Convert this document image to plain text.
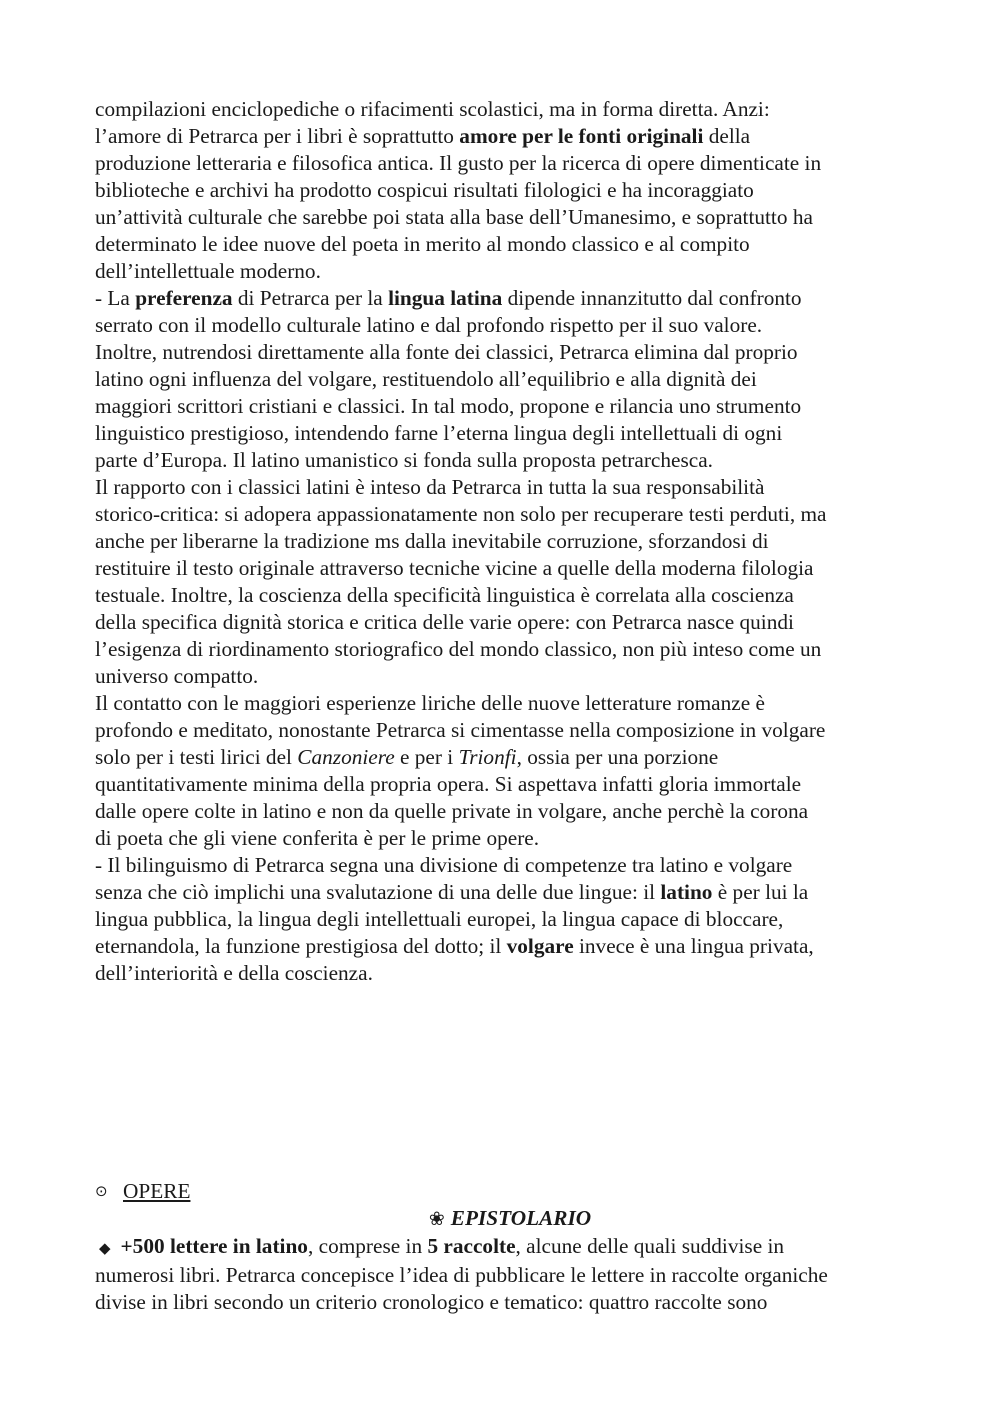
compilazioni enciclopediche o rifacimenti scolastici, ma in forma diretta. Anzi:

l’amore di Petrarca per i libri è soprattutto amore per le fonti originali della

produzione letteraria e filosofica antica. Il gusto per la ricerca di opere dimenticate in

biblioteche e archivi ha prodotto cospicui risultati filologici e ha incoraggiato

un’attività culturale che sarebbe poi stata alla base dell’Umanesimo, e soprattutto ha

determinato le idee nuove del poeta in merito al mondo classico e al compito

dell’intellettuale moderno.

- La preferenza di Petrarca per la lingua latina dipende innanzitutto dal confronto

serrato con il modello culturale latino e dal profondo rispetto per il suo valore.

Inoltre, nutrendosi direttamente alla fonte dei classici, Petrarca elimina dal proprio

latino ogni influenza del volgare, restituendolo all’equilibrio e alla dignità dei

maggiori scrittori cristiani e classici. In tal modo, propone e rilancia uno strumento

linguistico prestigioso, intendendo farne l’eterna lingua degli intellettuali di ogni

parte d’Europa. Il latino umanistico si fonda sulla proposta petrarchesca.

Il rapporto con i classici latini è inteso da Petrarca in tutta la sua responsabilità

storico-critica: si adopera appassionatamente non solo per recuperare testi perduti, ma

anche per liberarne la tradizione ms dalla inevitabile corruzione, sforzandosi di

restituire il testo originale attraverso tecniche vicine a quelle della moderna filologia

testuale. Inoltre, la coscienza della specificità linguistica è correlata alla coscienza

della specifica dignità storica e critica delle varie opere: con Petrarca nasce quindi

l’esigenza di riordinamento storiografico del mondo classico, non più inteso come un

universo compatto.

Il contatto con le maggiori esperienze liriche delle nuove letterature romanze è

profondo e meditato, nonostante Petrarca si cimentasse nella composizione in volgare

solo per i testi lirici del Canzoniere e per i Trionfi, ossia per una porzione

quantitativamente minima della propria opera. Si aspettava infatti gloria immortale

dalle opere colte in latino e non da quelle private in volgare, anche perchè la corona

di poeta che gli viene conferita è per le prime opere.

- Il bilinguismo di Petrarca segna una divisione di competenze tra latino e volgare

senza che ciò implichi una svalutazione di una delle due lingue: il latino è per lui la

lingua pubblica, la lingua degli intellettuali europei, la lingua capace di bloccare,

eternandola, la funzione prestigiosa del dotto; il volgare invece è una lingua privata,

dell’interiorità e della coscienza.

⊙ OPERE

❀ EPISTOLARIO

◆ +500 lettere in latino, comprese in 5 raccolte, alcune delle quali suddivise in

numerosi libri. Petrarca concepisce l’idea di pubblicare le lettere in raccolte organiche

divise in libri secondo un criterio cronologico e tematico: quattro raccolte sono
